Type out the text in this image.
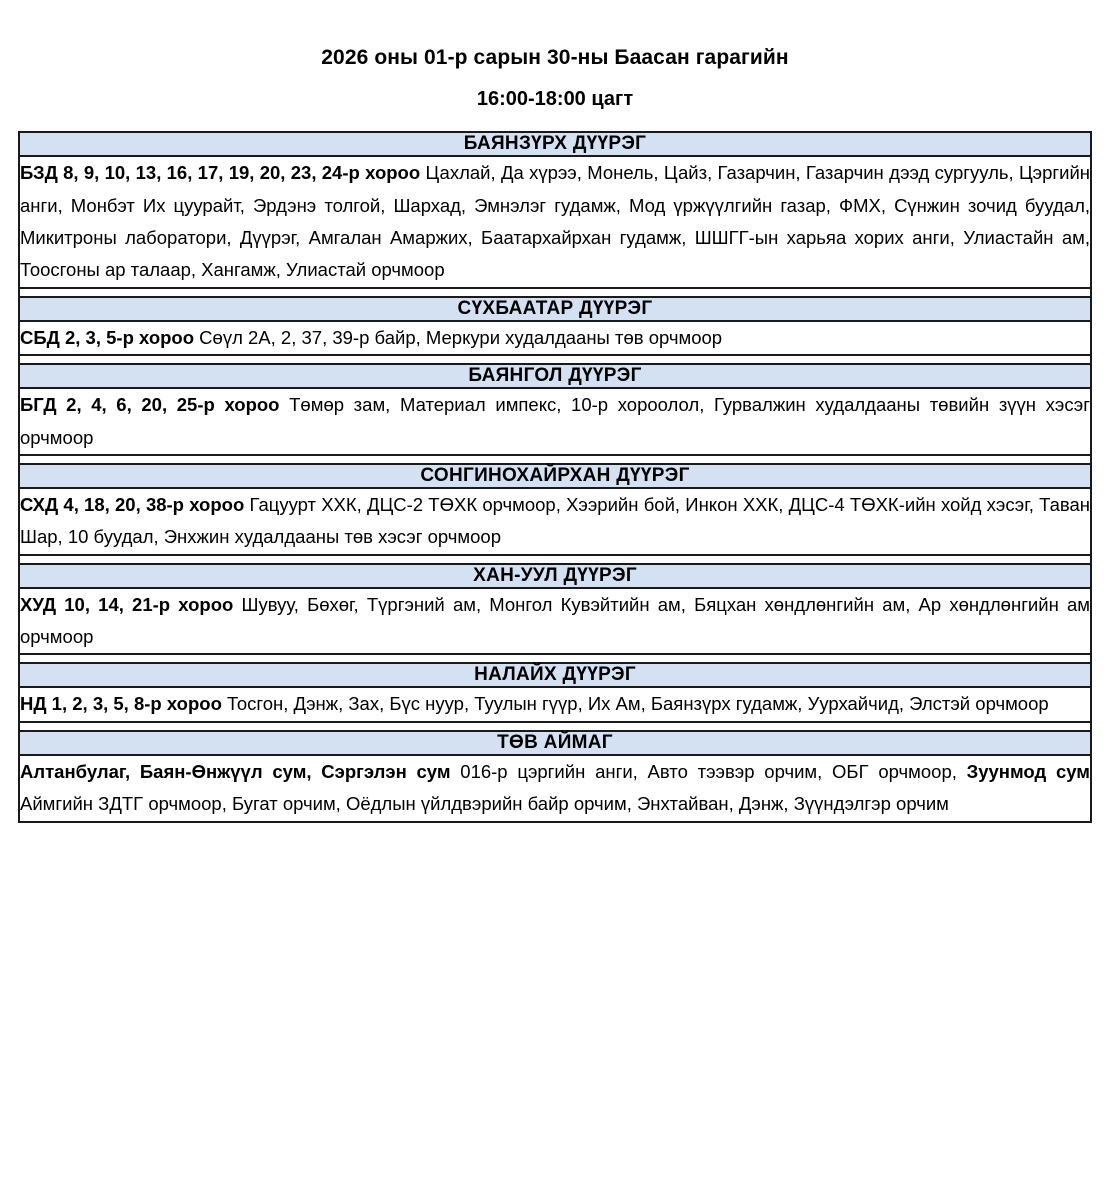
2026 оны 01-р сарын 30-ны Баасан гарагийн
16:00-18:00 цагт
БАЯНЗҮРХ ДҮҮРЭГ
БЗД 8, 9, 10, 13, 16, 17, 19, 20, 23, 24-р хороо Цахлай, Да хүрээ, Монель, Цайз, Газарчин, Газарчин дээд сургууль, Цэргийн анги, Монбэт Их цуурайт, Эрдэнэ толгой, Шархад, Эмнэлэг гудамж, Мод үржүүлгийн газар, ФМХ, Сүнжин зочид буудал, Микитроны лаборатори, Дүүрэг, Амгалан Амаржих, Баатархайрхан гудамж, ШШГГ-ын харьяа хорих анги, Улиастайн ам, Тоосгоны ар талаар, Хангамж, Улиастай орчмоор

СҮХБААТАР ДҮҮРЭГ
СБД 2, 3, 5-р хороо Сөүл 2А, 2, 37, 39-р байр, Меркури худалдааны төв орчмоор

БАЯНГОЛ ДҮҮРЭГ
БГД 2, 4, 6, 20, 25-р хороо Төмөр зам, Материал импекс, 10-р хороолол, Гурвалжин худалдааны төвийн зүүн хэсэг орчмоор

СОНГИНОХАЙРХАН ДҮҮРЭГ
СХД 4, 18, 20, 38-р хороо Гацуурт ХХК, ДЦС-2 ТӨХК орчмоор, Хээрийн бой, Инкон ХХК, ДЦС-4 ТӨХК-ийн хойд хэсэг, Таван Шар, 10 буудал, Энхжин худалдааны төв хэсэг орчмоор

ХАН-УУЛ ДҮҮРЭГ
ХУД 10, 14, 21-р хороо Шувуу, Бөхөг, Түргэний ам, Монгол Кувэйтийн ам, Бяцхан хөндлөнгийн ам, Ар хөндлөнгийн ам орчмоор

НАЛАЙХ ДҮҮРЭГ
НД 1, 2, 3, 5, 8-р хороо Тосгон, Дэнж, Зах, Бүс нуур, Туулын гүүр, Их Ам, Баянзүрх гудамж, Уурхайчид, Элстэй орчмоор

ТӨВ АЙМАГ
Алтанбулаг, Баян-Өнжүүл сум, Сэргэлэн сум 016-р цэргийн анги, Авто тээвэр орчим, ОБГ орчмоор, Зуунмод сум Аймгийн ЗДТГ орчмоор, Бугат орчим, Оёдлын үйлдвэрийн байр орчим, Энхтайван, Дэнж, Зүүндэлгэр орчим
